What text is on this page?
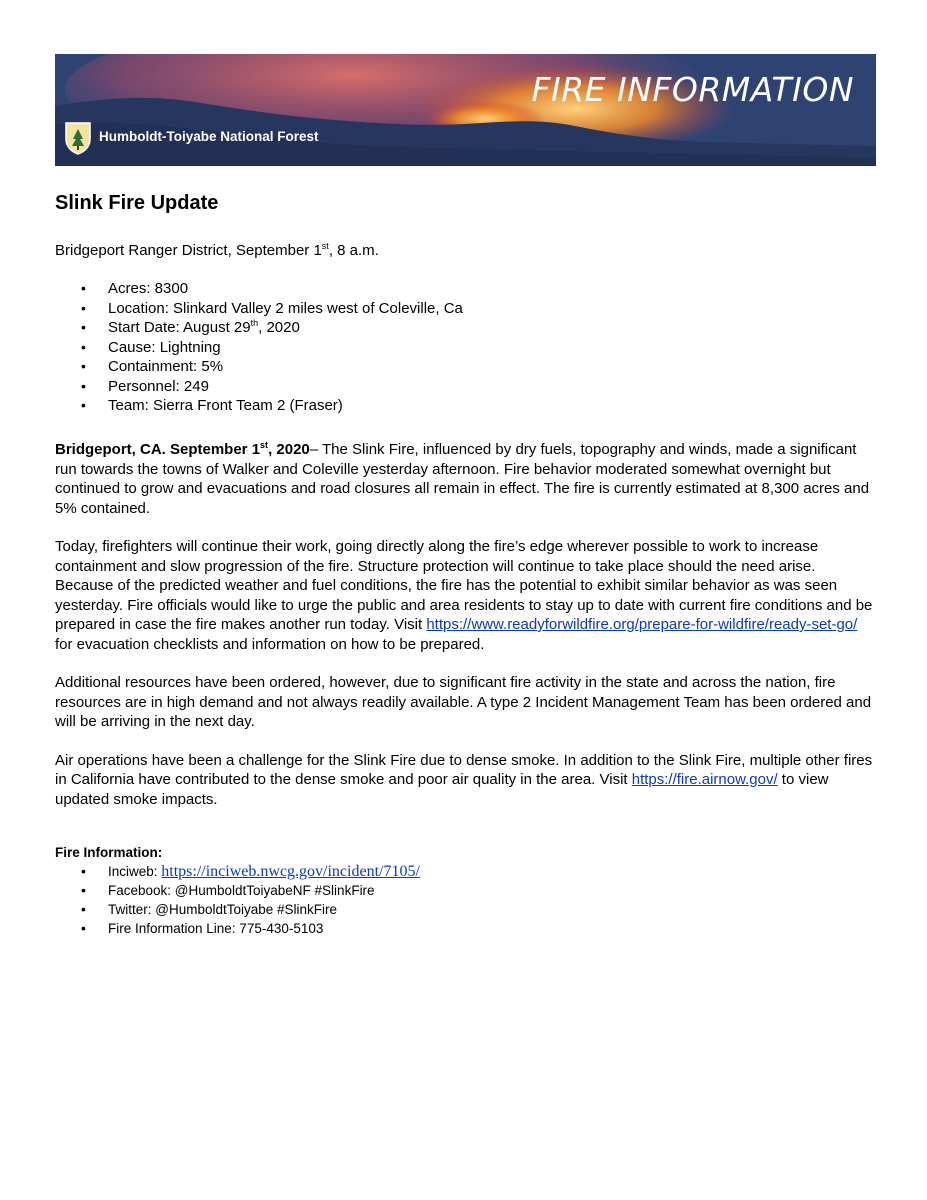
Humboldt-Toiyabe National Forest
FIRE INFORMATION
Slink Fire Update

Bridgeport Ranger District, September 1st, 8 a.m.

• Acres: 8300
• Location: Slinkard Valley 2 miles west of Coleville, Ca
• Start Date: August 29th, 2020
• Cause: Lightning
• Containment: 5%
• Personnel: 249
• Team: Sierra Front Team 2 (Fraser)

Bridgeport, CA. September 1st, 2020– The Slink Fire, influenced by dry fuels, topography and winds, made a significant run towards the towns of Walker and Coleville yesterday afternoon. Fire behavior moderated somewhat overnight but continued to grow and evacuations and road closures all remain in effect. The fire is currently estimated at 8,300 acres and 5% contained.

Today, firefighters will continue their work, going directly along the fire’s edge wherever possible to work to increase containment and slow progression of the fire. Structure protection will continue to take place should the need arise. Because of the predicted weather and fuel conditions, the fire has the potential to exhibit similar behavior as was seen yesterday. Fire officials would like to urge the public and area residents to stay up to date with current fire conditions and be prepared in case the fire makes another run today. Visit https://www.readyforwildfire.org/prepare-for-wildfire/ready-set-go/ for evacuation checklists and information on how to be prepared.

Additional resources have been ordered, however, due to significant fire activity in the state and across the nation, fire resources are in high demand and not always readily available. A type 2 Incident Management Team has been ordered and will be arriving in the next day.

Air operations have been a challenge for the Slink Fire due to dense smoke. In addition to the Slink Fire, multiple other fires in California have contributed to the dense smoke and poor air quality in the area. Visit https://fire.airnow.gov/ to view updated smoke impacts.

Fire Information:

• Inciweb: https://inciweb.nwcg.gov/incident/7105/
• Facebook: @HumboldtToiyabeNF #SlinkFire
• Twitter: @HumboldtToiyabe #SlinkFire
• Fire Information Line: 775-430-5103
